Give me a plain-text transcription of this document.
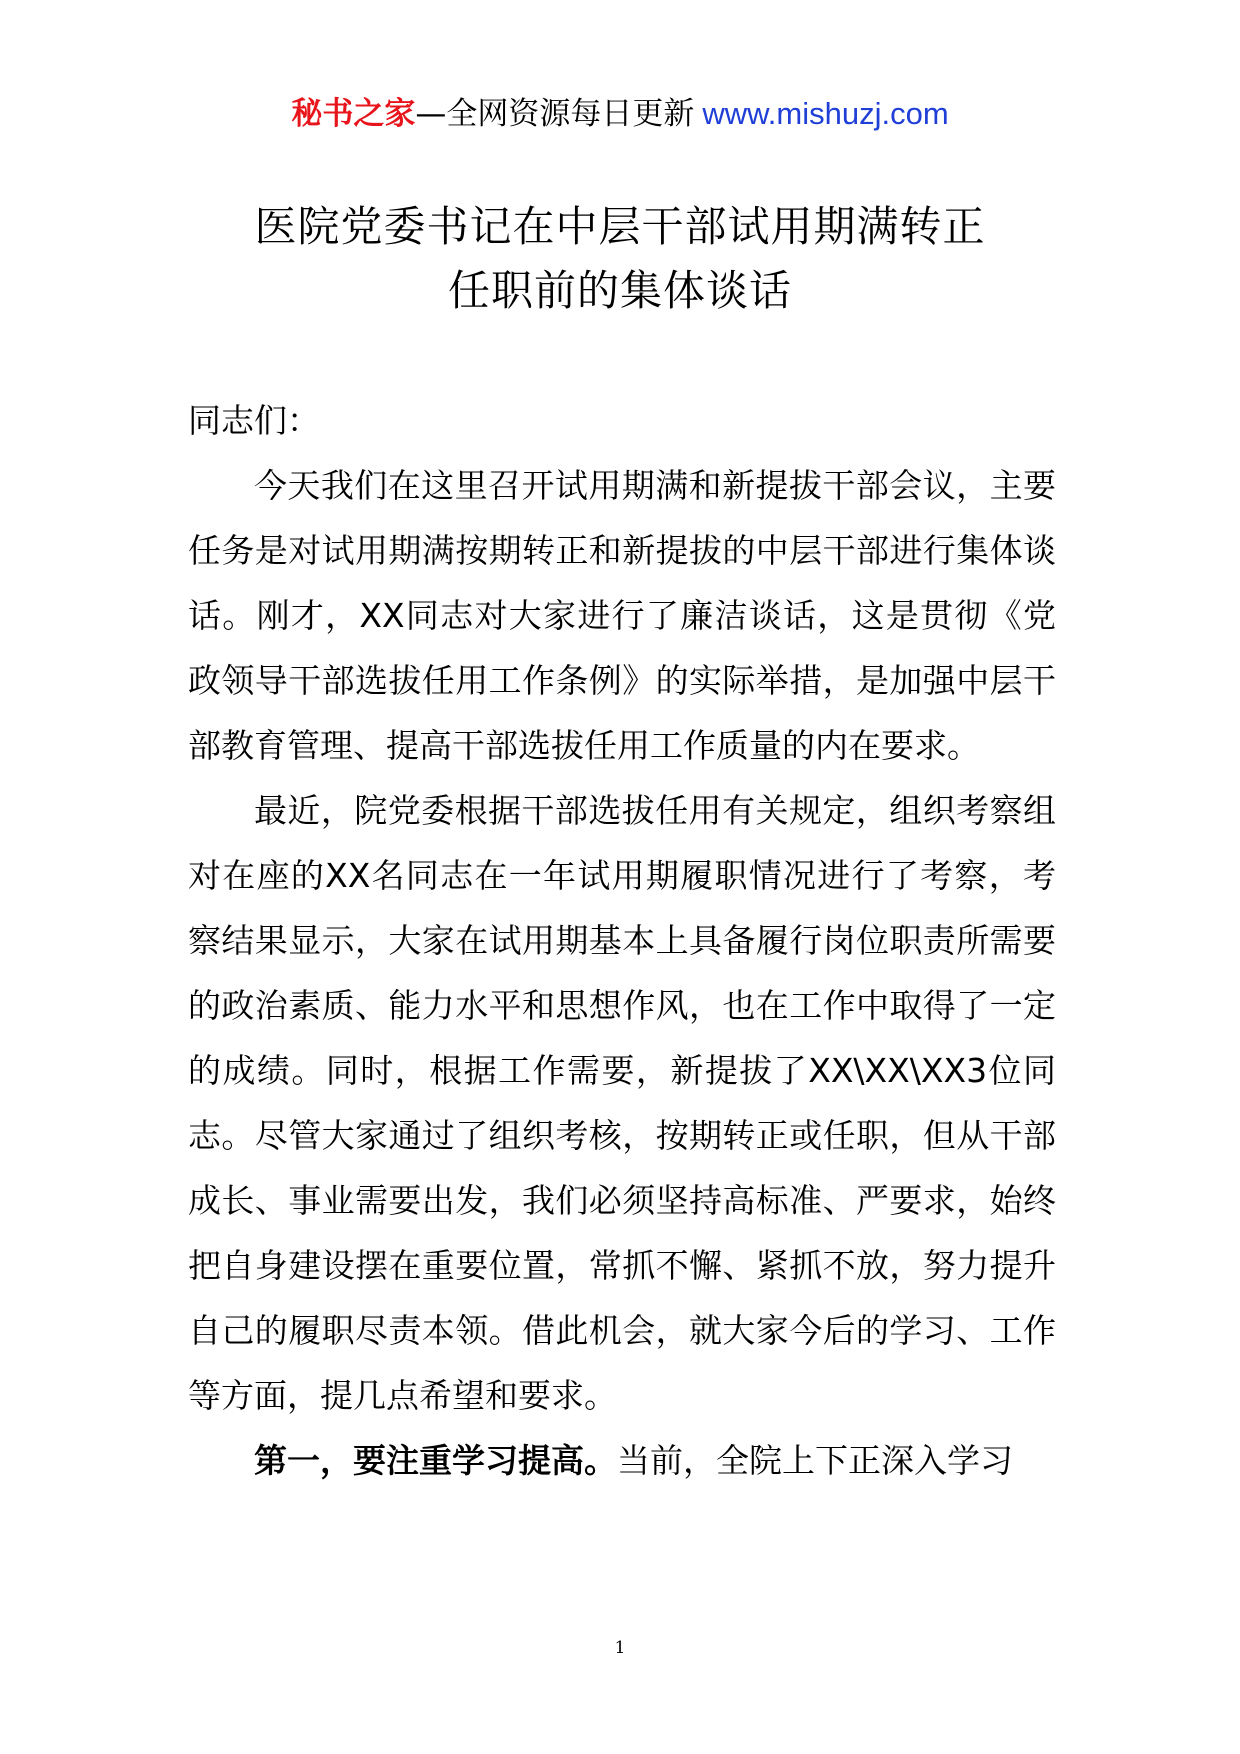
秘书之家—全网资源每日更新 www.mishuzj.com
医院党委书记在中层干部试用期满转正
任职前的集体谈话

同志们：

今天我们在这里召开试用期满和新提拔干部会议，主要任务是对试用期满按期转正和新提拔的中层干部进行集体谈话。刚才，XX同志对大家进行了廉洁谈话，这是贯彻《党政领导干部选拔任用工作条例》的实际举措，是加强中层干部教育管理、提高干部选拔任用工作质量的内在要求。

最近，院党委根据干部选拔任用有关规定，组织考察组对在座的XX名同志在一年试用期履职情况进行了考察，考察结果显示，大家在试用期基本上具备履行岗位职责所需要的政治素质、能力水平和思想作风，也在工作中取得了一定的成绩。同时，根据工作需要，新提拔了XX\XX\XX3位同志。尽管大家通过了组织考核，按期转正或任职，但从干部成长、事业需要出发，我们必须坚持高标准、严要求，始终把自身建设摆在重要位置，常抓不懈、紧抓不放，努力提升自己的履职尽责本领。借此机会，就大家今后的学习、工作等方面，提几点希望和要求。

第一，要注重学习提高。当前，全院上下正深入学习

1
